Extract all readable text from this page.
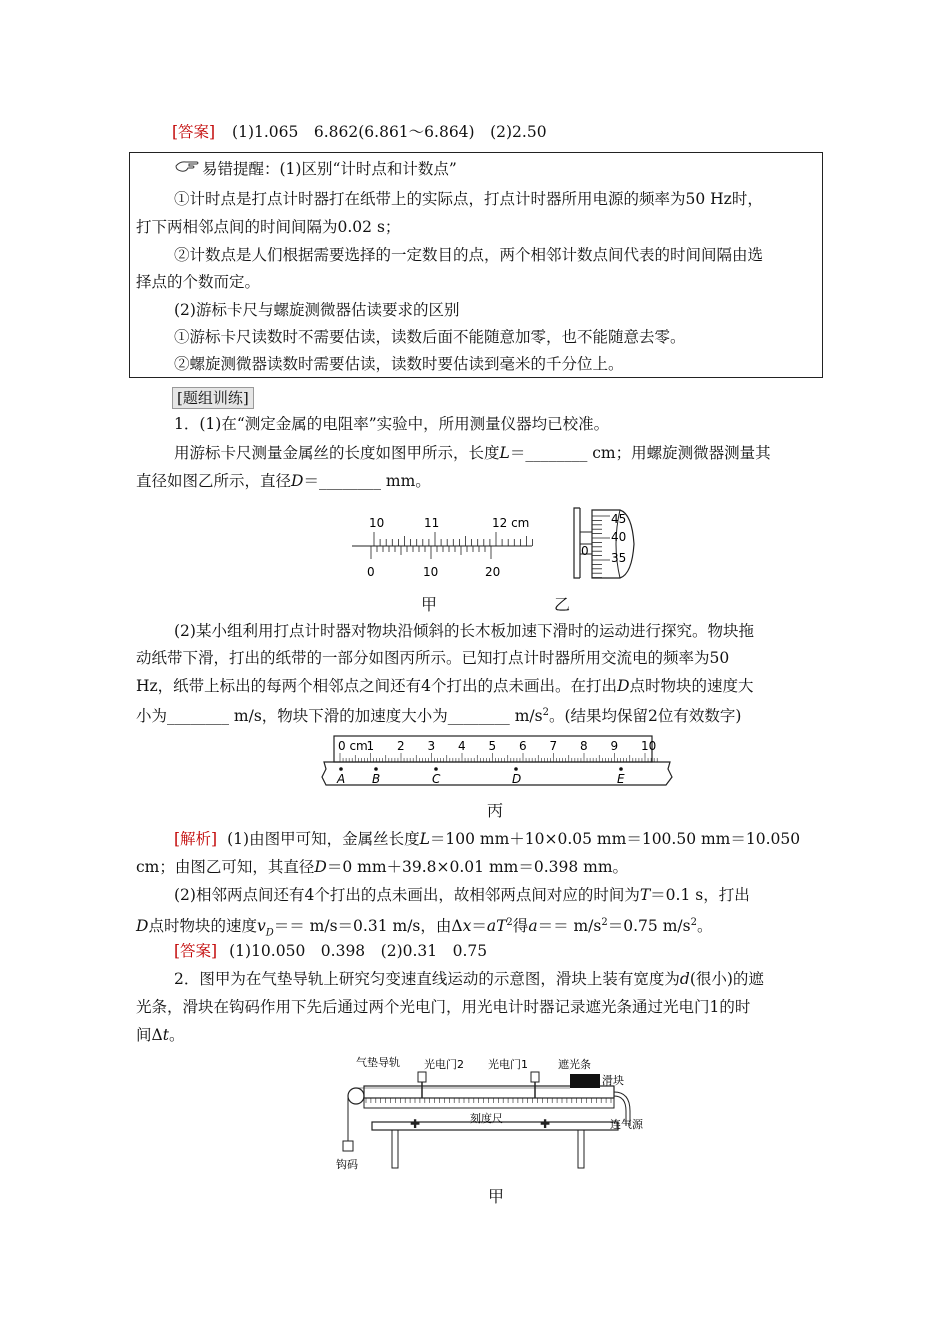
[答案] (1)1.065　6.862(6.861～6.864)　(2)2.50
易错提醒：(1)区别“计时点和计数点”
①计时点是打点计时器打在纸带上的实际点，打点计时器所用电源的频率为50 Hz时，
打下两相邻点间的时间间隔为0.02 s；
②计数点是人们根据需要选择的一定数目的点，两个相邻计数点间代表的时间间隔由选
择点的个数而定。
(2)游标卡尺与螺旋测微器估读要求的区别
①游标卡尺读数时不需要估读，读数后面不能随意加零，也不能随意去零。
②螺旋测微器读数时需要估读，读数时要估读到毫米的千分位上。
[题组训练]
1．(1)在“测定金属的电阻率”实验中，所用测量仪器均已校准。
用游标卡尺测量金属丝的长度如图甲所示，长度L＝________ cm；用螺旋测微器测量其
直径如图乙所示，直径D＝________ mm。
10	11	12 cm
0	10	20
45
40
35
0
甲	乙
(2)某小组利用打点计时器对物块沿倾斜的长木板加速下滑时的运动进行探究。物块拖
动纸带下滑，打出的纸带的一部分如图丙所示。已知打点计时器所用交流电的频率为50
Hz，纸带上标出的每两个相邻点之间还有4个打出的点未画出。在打出D点时物块的速度大
小为________ m/s，物块下滑的加速度大小为________ $m/s^2$。(结果均保留2位有效数字)
0 cm
1 2 3 4 5 6 7 8 9 10
A B	C	D	E
丙
[解析] (1)由图甲可知，金属丝长度L＝100 mm＋10×0.05 mm＝100.50 mm＝10.050
cm；由图乙可知，其直径D＝0 mm＋39.8×0.01 mm＝0.398 mm。
(2)相邻两点间还有4个打出的点未画出，故相邻两点间对应的时间为T＝0.1 s，打出
D点时物块的速度$v_D== m/s=0.31$ m/s，由$\Delta x=aT^2$得$a== m/s^2=0.75$ $m/s^2$。
[答案] (1)10.050　0.398　(2)0.31　0.75
2．图甲为在气垫导轨上研究匀变速直线运动的示意图，滑块上装有宽度为d(很小)的遮
光条，滑块在钩码作用下先后通过两个光电门，用光电计时器记录遮光条通过光电门1的时
间Δt。
✚	✚
气垫导轨 光电门2 光电门1	遮光条
滑块
刻度尺	连气源
钩码
甲
